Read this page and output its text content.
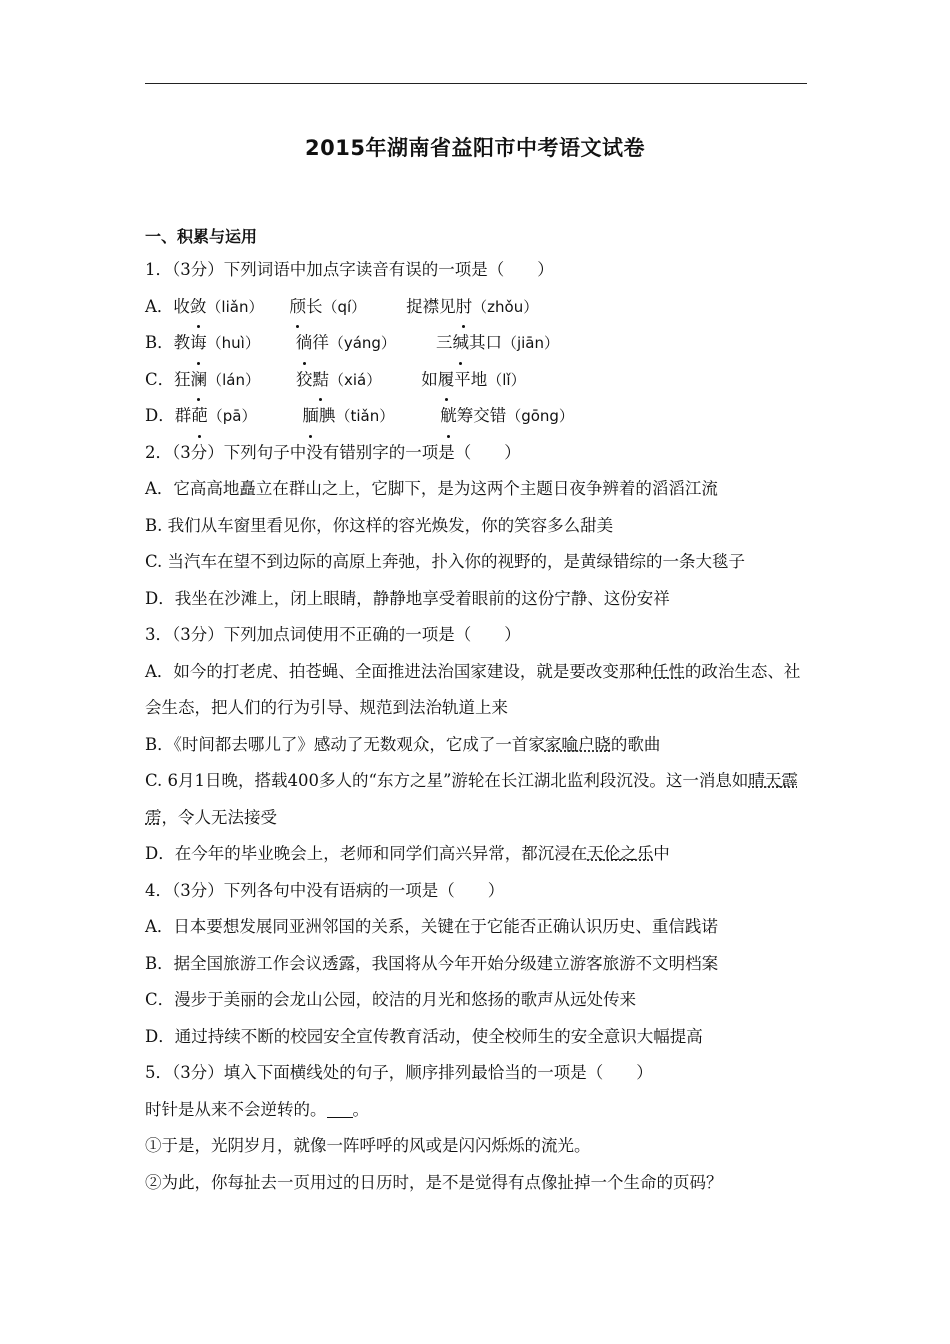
2015年湖南省益阳市中考语文试卷
一、积累与运用
1．（3分）下列词语中加点字读音有误的一项是（　　）
A．收敛（liǎn） 颀长（qí） 捉襟见肘（zhǒu）
B．教诲（huì） 徜徉（yáng） 三缄其口（jiān）
C．狂澜（lán） 狡黠（xiá） 如履平地（lǐ）
D．群葩（pā）	腼腆（tiǎn）	觥筹交错（gōng）
2．（3分）下列句子中没有错别字的一项是（　　）
A．它高高地矗立在群山之上，它脚下，是为这两个主题日夜争辨着的滔滔江流
B. 我们从车窗里看见你，你这样的容光焕发，你的笑容多么甜美
C. 当汽车在望不到边际的高原上奔弛，扑入你的视野的，是黄绿错综的一条大毯子
D．我坐在沙滩上，闭上眼睛，静静地享受着眼前的这份宁静、这份安祥
3．（3分）下列加点词使用不正确的一项是（　　）
A．如今的打老虎、拍苍蝇、全面推进法治国家建设，就是要改变那种任性的政治生态、社会生态，把人们的行为引导、规范到法治轨道上来
B．《时间都去哪儿了》感动了无数观众，它成了一首家家喻户晓的歌曲
C. 6月1日晚，搭载400多人的“东方之星”游轮在长江湖北监利段沉没。这一消息如晴天霹雳，令人无法接受
D．在今年的毕业晚会上，老师和同学们高兴异常，都沉浸在天伦之乐中
4．（3分）下列各句中没有语病的一项是（　　）
A．日本要想发展同亚洲邻国的关系，关键在于它能否正确认识历史、重信践诺
B．据全国旅游工作会议透露，我国将从今年开始分级建立游客旅游不文明档案
C．漫步于美丽的会龙山公园，皎洁的月光和悠扬的歌声从远处传来
D．通过持续不断的校园安全宣传教育活动，使全校师生的安全意识大幅提高
5．（3分）填入下面横线处的句子，顺序排列最恰当的一项是（　　）
时针是从来不会逆转的。 。
①于是，光阴岁月，就像一阵呼呼的风或是闪闪烁烁的流光。
②为此，你每扯去一页用过的日历时，是不是觉得有点像扯掉一个生命的页码？
